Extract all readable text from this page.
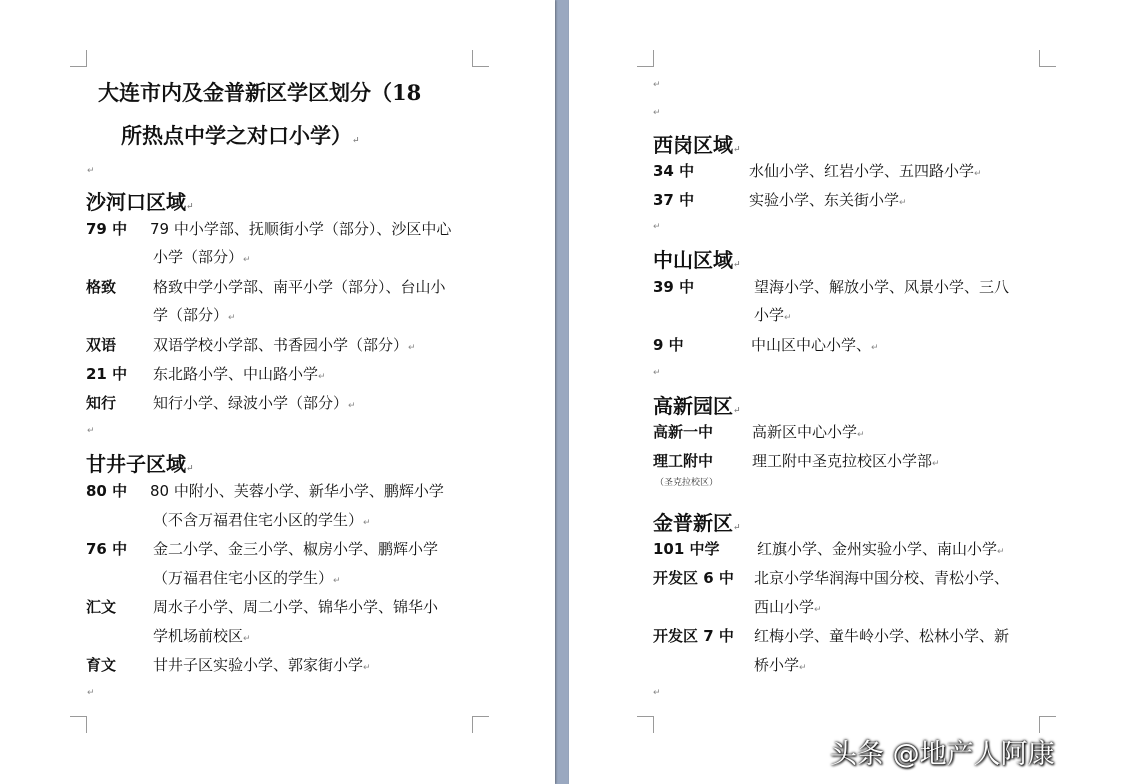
大连市内及金普新区学区划分（18
所热点中学之对口小学）↵
↵
沙河口区域↵
79 中 79 中小学部、抚顺街小学（部分）、沙区中心
小学（部分）↵
格致 格致中学小学部、南平小学（部分）、台山小
学（部分）↵
双语 双语学校小学部、书香园小学（部分）↵
21 中 东北路小学、中山路小学↵
知行 知行小学、绿波小学（部分）↵
↵
甘井子区域↵
80 中 80 中附小、芙蓉小学、新华小学、鹏辉小学
（不含万福君住宅小区的学生）↵
76 中 金二小学、金三小学、椒房小学、鹏辉小学
（万福君住宅小区的学生）↵
汇文 周水子小学、周二小学、锦华小学、锦华小
学机场前校区↵
育文 甘井子区实验小学、郭家街小学↵
↵
↵
↵
西岗区域↵
34 中	水仙小学、红岩小学、五四路小学↵
37 中	实验小学、东关街小学↵
↵
中山区域↵
39 中	望海小学、解放小学、风景小学、三八
小学↵
9 中	中山区中心小学、↵
↵
高新园区↵
高新一中	高新区中心小学↵
理工附中	理工附中圣克拉校区小学部↵
（圣克拉校区）
金普新区↵
101 中学 红旗小学、金州实验小学、南山小学↵
开发区 6 中 北京小学华润海中国分校、青松小学、
西山小学↵
开发区 7 中 红梅小学、童牛岭小学、松林小学、新
桥小学↵
↵
头条 @地产人阿康
